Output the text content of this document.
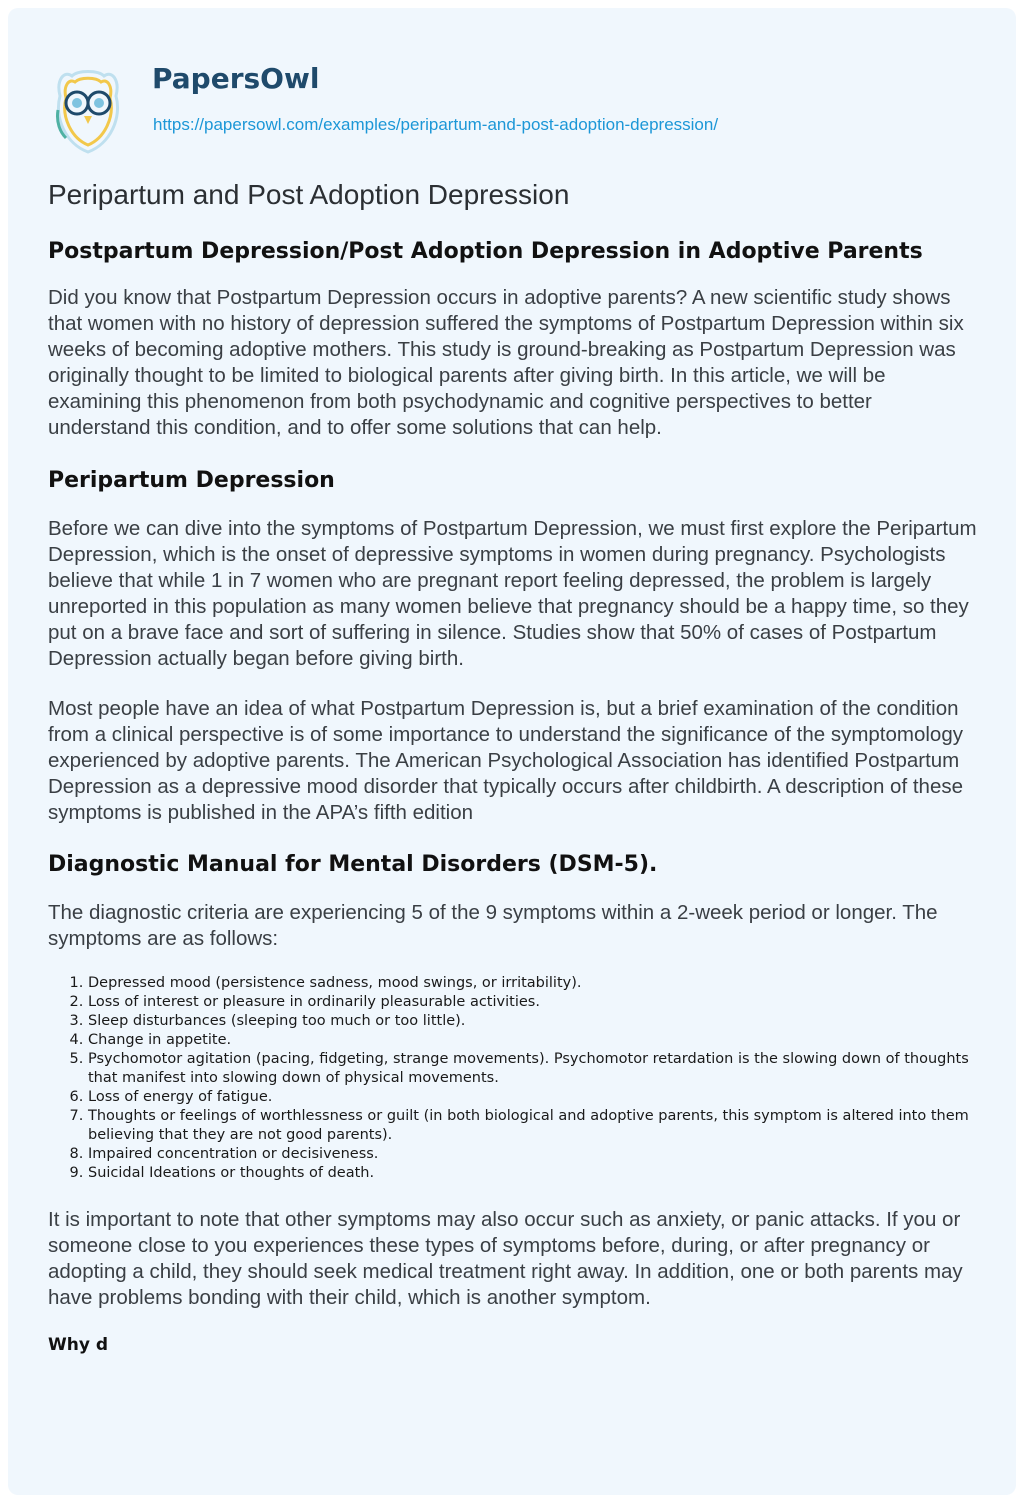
PapersOwl
https://papersowl.com/examples/peripartum-and-post-adoption-depression/
Peripartum and Post Adoption Depression
Postpartum Depression/Post Adoption Depression in Adoptive Parents

Did you know that Postpartum Depression occurs in adoptive parents? A new scientific study shows that women with no history of depression suffered the symptoms of Postpartum Depression within six weeks of becoming adoptive mothers. This study is ground-breaking as Postpartum Depression was originally thought to be limited to biological parents after giving birth. In this article, we will be examining this phenomenon from both psychodynamic and cognitive perspectives to better understand this condition, and to offer some solutions that can help.

Peripartum Depression

Before we can dive into the symptoms of Postpartum Depression, we must first explore the Peripartum Depression, which is the onset of depressive symptoms in women during pregnancy. Psychologists believe that while 1 in 7 women who are pregnant report feeling depressed, the problem is largely unreported in this population as many women believe that pregnancy should be a happy time, so they put on a brave face and sort of suffering in silence. Studies show that 50% of cases of Postpartum Depression actually began before giving birth.

Most people have an idea of what Postpartum Depression is, but a brief examination of the condition from a clinical perspective is of some importance to understand the significance of the symptomology experienced by adoptive parents. The American Psychological Association has identified Postpartum Depression as a depressive mood disorder that typically occurs after childbirth. A description of these symptoms is published in the APA’s fifth edition

Diagnostic Manual for Mental Disorders (DSM-5).

The diagnostic criteria are experiencing 5 of the 9 symptoms within a 2-week period or longer. The symptoms are as follows:

1. Depressed mood (persistence sadness, mood swings, or irritability).
2. Loss of interest or pleasure in ordinarily pleasurable activities.
3. Sleep disturbances (sleeping too much or too little).
4. Change in appetite.
5. Psychomotor agitation (pacing, fidgeting, strange movements). Psychomotor retardation is the slowing down of thoughts that manifest into slowing down of physical movements.
6. Loss of energy of fatigue.
7. Thoughts or feelings of worthlessness or guilt (in both biological and adoptive parents, this symptom is altered into them believing that they are not good parents).
8. Impaired concentration or decisiveness.
9. Suicidal Ideations or thoughts of death.

It is important to note that other symptoms may also occur such as anxiety, or panic attacks. If you or someone close to you experiences these types of symptoms before, during, or after pregnancy or adopting a child, they should seek medical treatment right away. In addition, one or both parents may have problems bonding with their child, which is another symptom.

Why d
